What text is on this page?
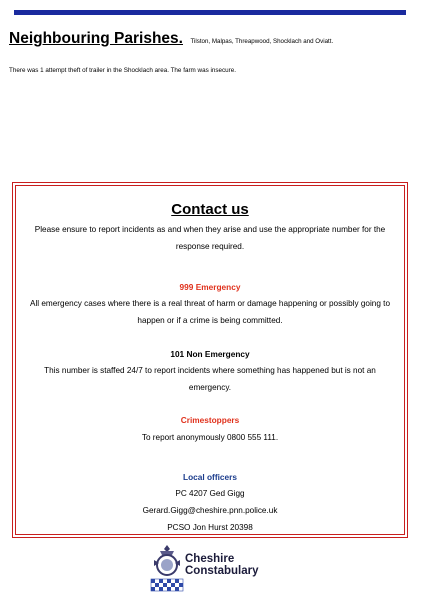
Neighbouring Parishes. Tilston, Malpas, Threapwood, Shocklach and Oviatt.
There was 1 attempt theft of trailer in the Shocklach area. The farm was insecure.
Contact us
Please ensure to report incidents as and when they arise and use the appropriate number for the response required.
999 Emergency
All emergency cases where there is a real threat of harm or damage happening or possibly going to happen or if a crime is being committed.
101 Non Emergency
This number is staffed 24/7 to report incidents where something has happened but is not an emergency.
Crimestoppers
To report anonymously 0800 555 111.
Local officers
PC 4207 Ged Gigg
Gerard.Gigg@cheshire.pnn.police.uk
PCSO Jon Hurst 20398
Cheshire
Constabulary
